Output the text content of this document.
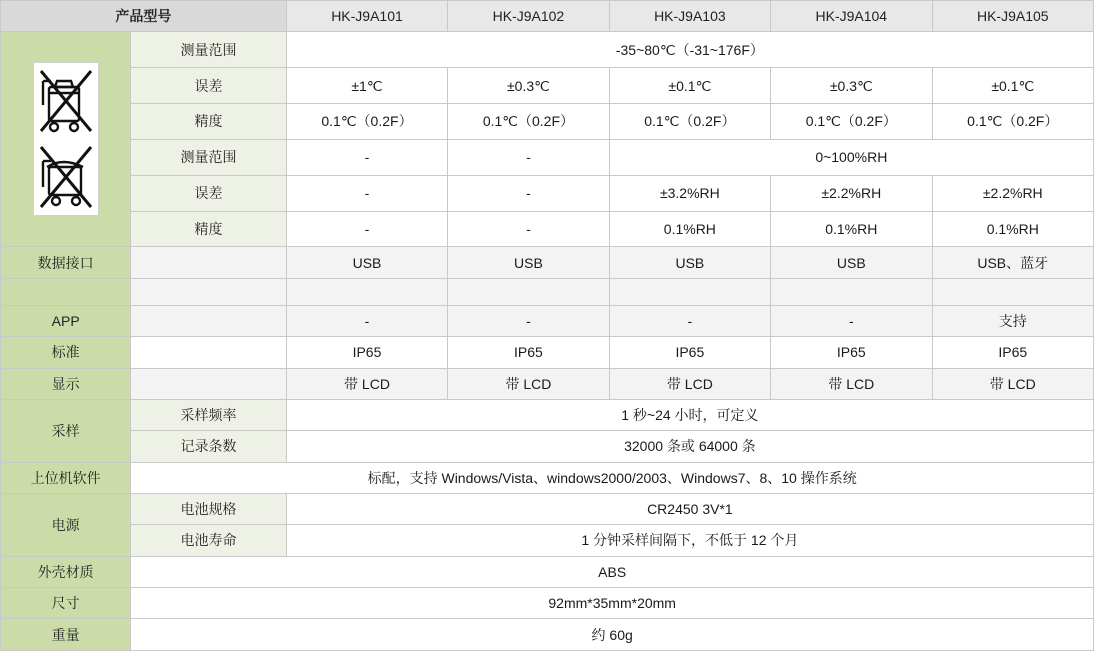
产品型号		HK-J9A101	HK-J9A102	HK-J9A103	HK-J9A104	HK-J9A105

	测量范围	-35~80℃（-31~176F）				
	误差	±1℃	±0.3℃	±0.1℃	±0.3℃	±0.1℃
	精度	0.1℃（0.2F）	0.1℃（0.2F）	0.1℃（0.2F）	0.1℃（0.2F）	0.1℃（0.2F）
	测量范围	-	-	0~100%RH		
	误差	-	-	±3.2%RH	±2.2%RH	±2.2%RH
	精度	-	-	0.1%RH	0.1%RH	0.1%RH
数据接口		USB	USB	USB	USB	USB、蓝牙

APP		-	-	-	-	支持
标准		IP65	IP65	IP65	IP65	IP65
显示		带 LCD	带 LCD	带 LCD	带 LCD	带 LCD
采样	采样频率	1 秒~24 小时，可定义				
	记录条数	32000 条或 64000 条				
上位机软件	标配，支持 Windows/Vista、windows2000/2003、Windows7、8、10 操作系统					
电源	电池规格	CR2450 3V*1				
	电池寿命	1 分钟采样间隔下，不低于 12 个月				
外壳材质	ABS					
尺寸	92mm*35mm*20mm					
重量	约 60g					
